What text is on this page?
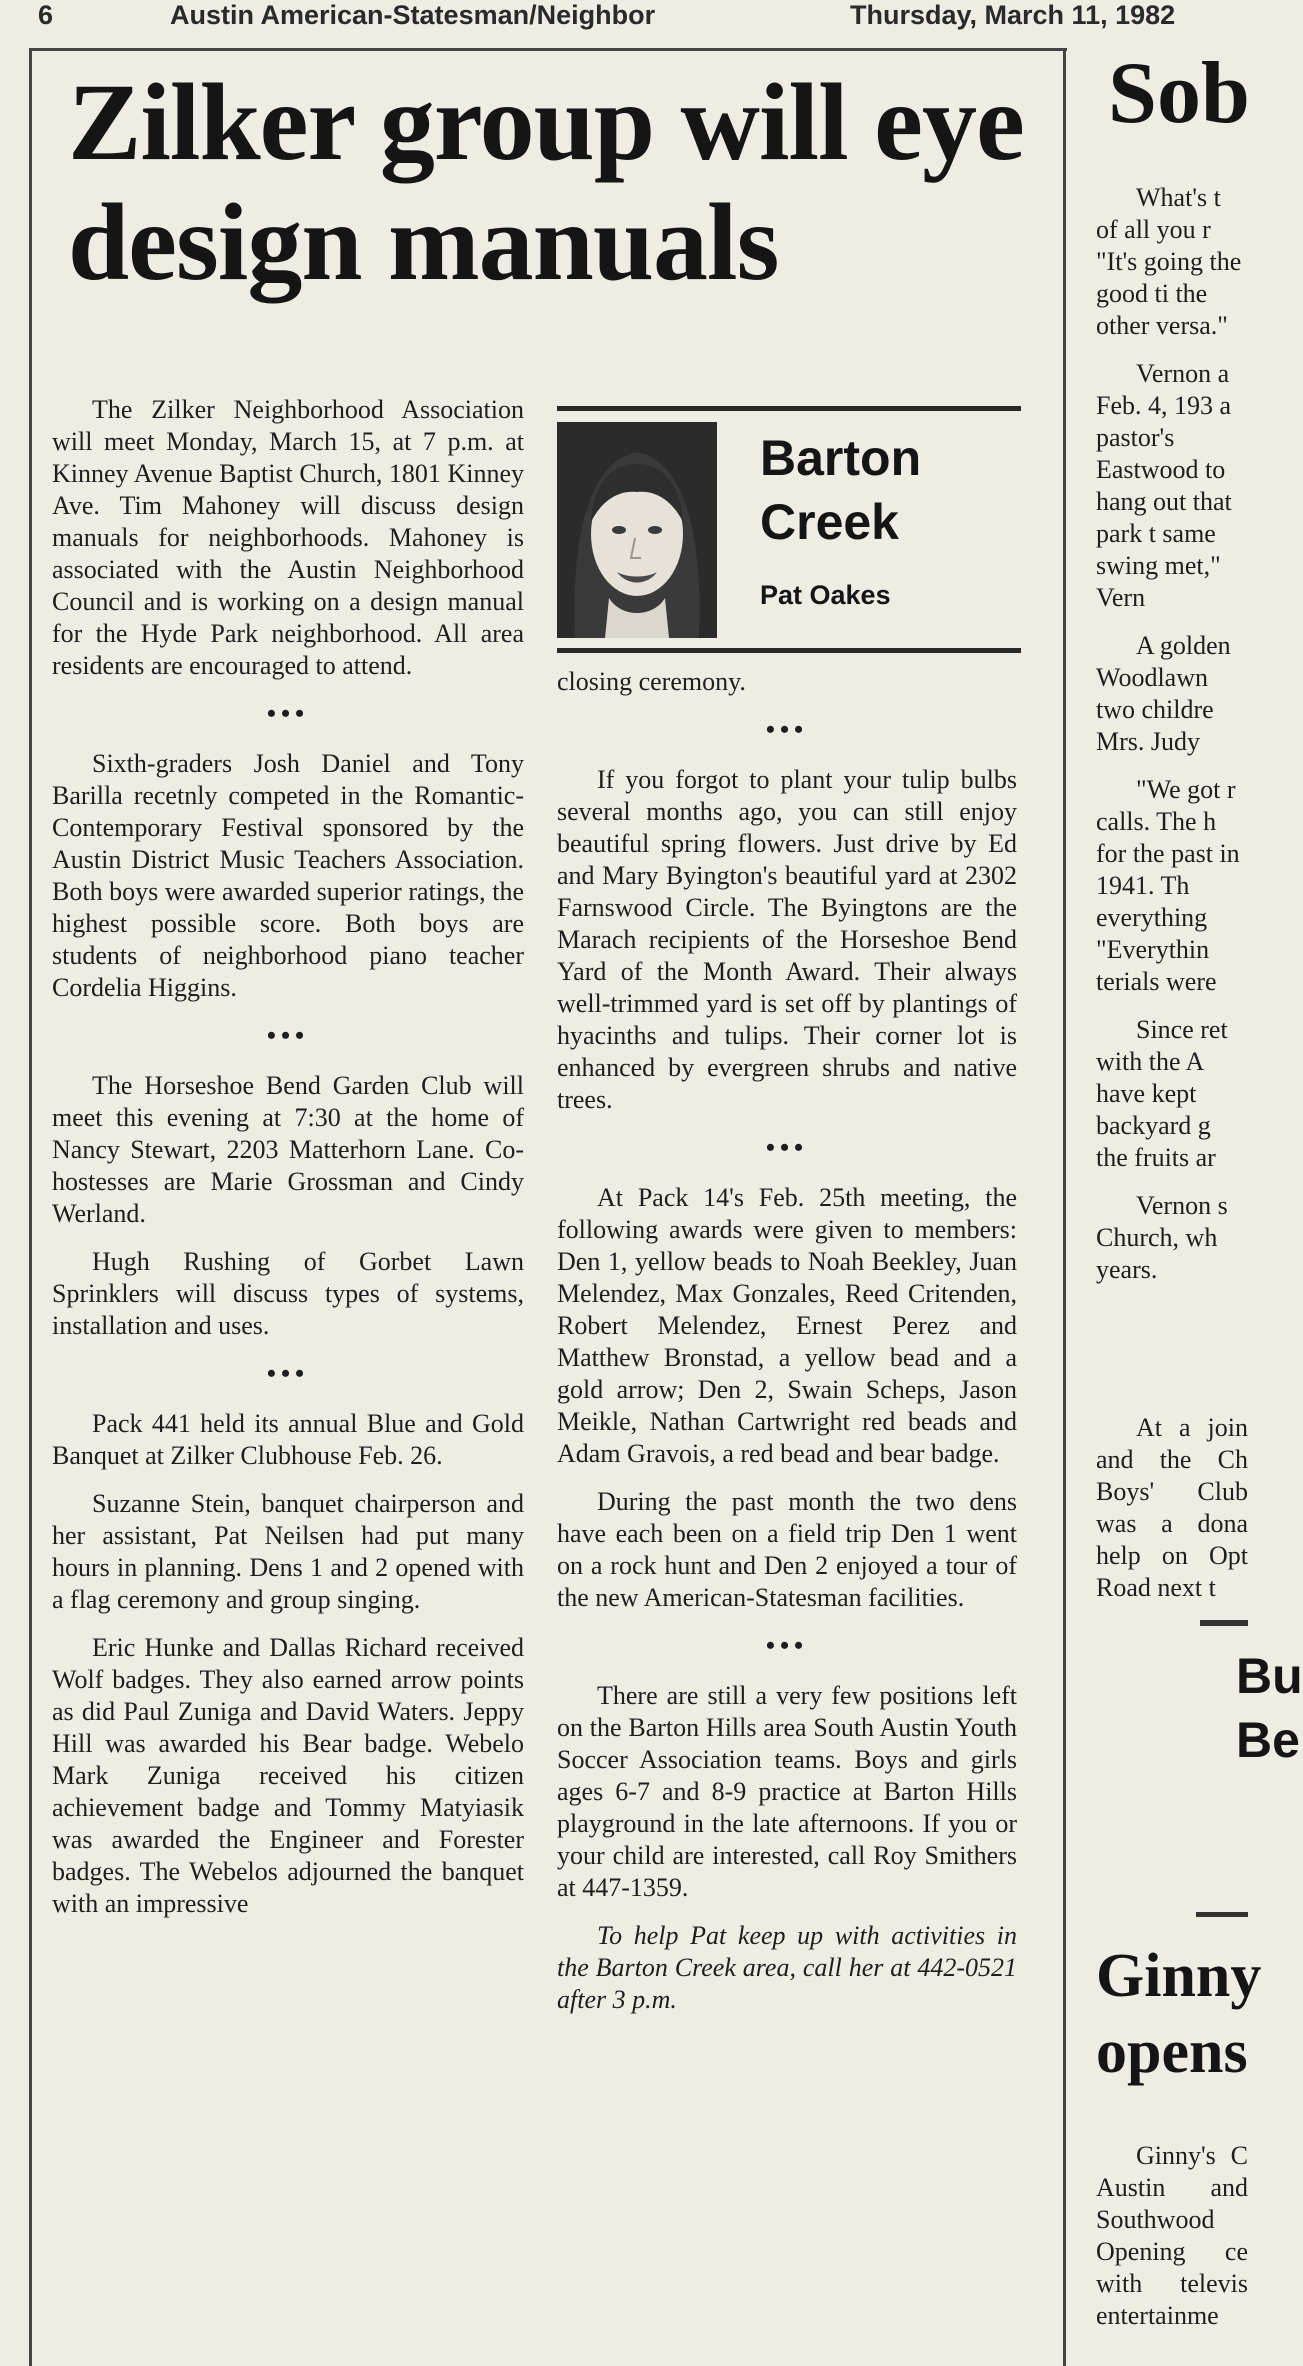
6	Austin American-Statesman/Neighbor	Thursday, March 11, 1982
Zilker group will eye design manuals

The Zilker Neighborhood Association will meet Monday, March 15, at 7 p.m. at Kinney Avenue Baptist Church, 1801 Kinney Ave. Tim Mahoney will discuss design manuals for neighborhoods. Mahoney is associated with the Austin Neighborhood Council and is working on a design manual for the Hyde Park neighborhood. All area residents are encouraged to attend.

•••

Sixth-graders Josh Daniel and Tony Barilla recetnly competed in the Romantic-Contemporary Festival sponsored by the Austin District Music Teachers Association. Both boys were awarded superior ratings, the highest possible score. Both boys are students of neighborhood piano teacher Cordelia Higgins.

•••

The Horseshoe Bend Garden Club will meet this evening at 7:30 at the home of Nancy Stewart, 2203 Matterhorn Lane. Co-hostesses are Marie Grossman and Cindy Werland.

Hugh Rushing of Gorbet Lawn Sprinklers will discuss types of systems, installation and uses.

•••

Pack 441 held its annual Blue and Gold Banquet at Zilker Clubhouse Feb. 26.

Suzanne Stein, banquet chairperson and her assistant, Pat Neilsen had put many hours in planning. Dens 1 and 2 opened with a flag ceremony and group singing.

Eric Hunke and Dallas Richard received Wolf badges. They also earned arrow points as did Paul Zuniga and David Waters. Jeppy Hill was awarded his Bear badge. Webelo Mark Zuniga received his citizen achievement badge and Tommy Matyiasik was awarded the Engineer and Forester badges. The Webelos adjourned the banquet with an impressive

Barton Creek
Pat Oakes

closing ceremony.

•••

If you forgot to plant your tulip bulbs several months ago, you can still enjoy beautiful spring flowers. Just drive by Ed and Mary Byington's beautiful yard at 2302 Farnswood Circle. The Byingtons are the Marach recipients of the Horseshoe Bend Yard of the Month Award. Their always well-trimmed yard is set off by plantings of hyacinths and tulips. Their corner lot is enhanced by evergreen shrubs and native trees.

•••

At Pack 14's Feb. 25th meeting, the following awards were given to members: Den 1, yellow beads to Noah Beekley, Juan Melendez, Max Gonzales, Reed Critenden, Robert Melendez, Ernest Perez and Matthew Bronstad, a yellow bead and a gold arrow; Den 2, Swain Scheps, Jason Meikle, Nathan Cartwright red beads and Adam Gravois, a red bead and bear badge.

During the past month the two dens have each been on a field trip Den 1 went on a rock hunt and Den 2 enjoyed a tour of the new American-Statesman facilities.

•••

There are still a very few positions left on the Barton Hills area South Austin Youth Soccer Association teams. Boys and girls ages 6-7 and 8-9 practice at Barton Hills playground in the late afternoons. If you or your child are interested, call Roy Smithers at 447-1359.

To help Pat keep up with activities in the Barton Creek area, call her at 442-0521 after 3 p.m.

Sob

What's t of all you r "It's going the good ti the other versa."

Vernon a Feb. 4, 193 a pastor's Eastwood to hang out that park t same swing met," Vern

A golden Woodlawn two childre Mrs. Judy

"We got r calls. The h for the past in 1941. Th everything "Everythin terials were

Since ret with the A have kept backyard g the fruits ar

Vernon s Church, wh years.

At a join and the Ch Boys' Club was a dona help on Opt Road next t

Bu
Be
Ginny
opens

Ginny's C Austin and Southwood Opening ce with televis entertainme
